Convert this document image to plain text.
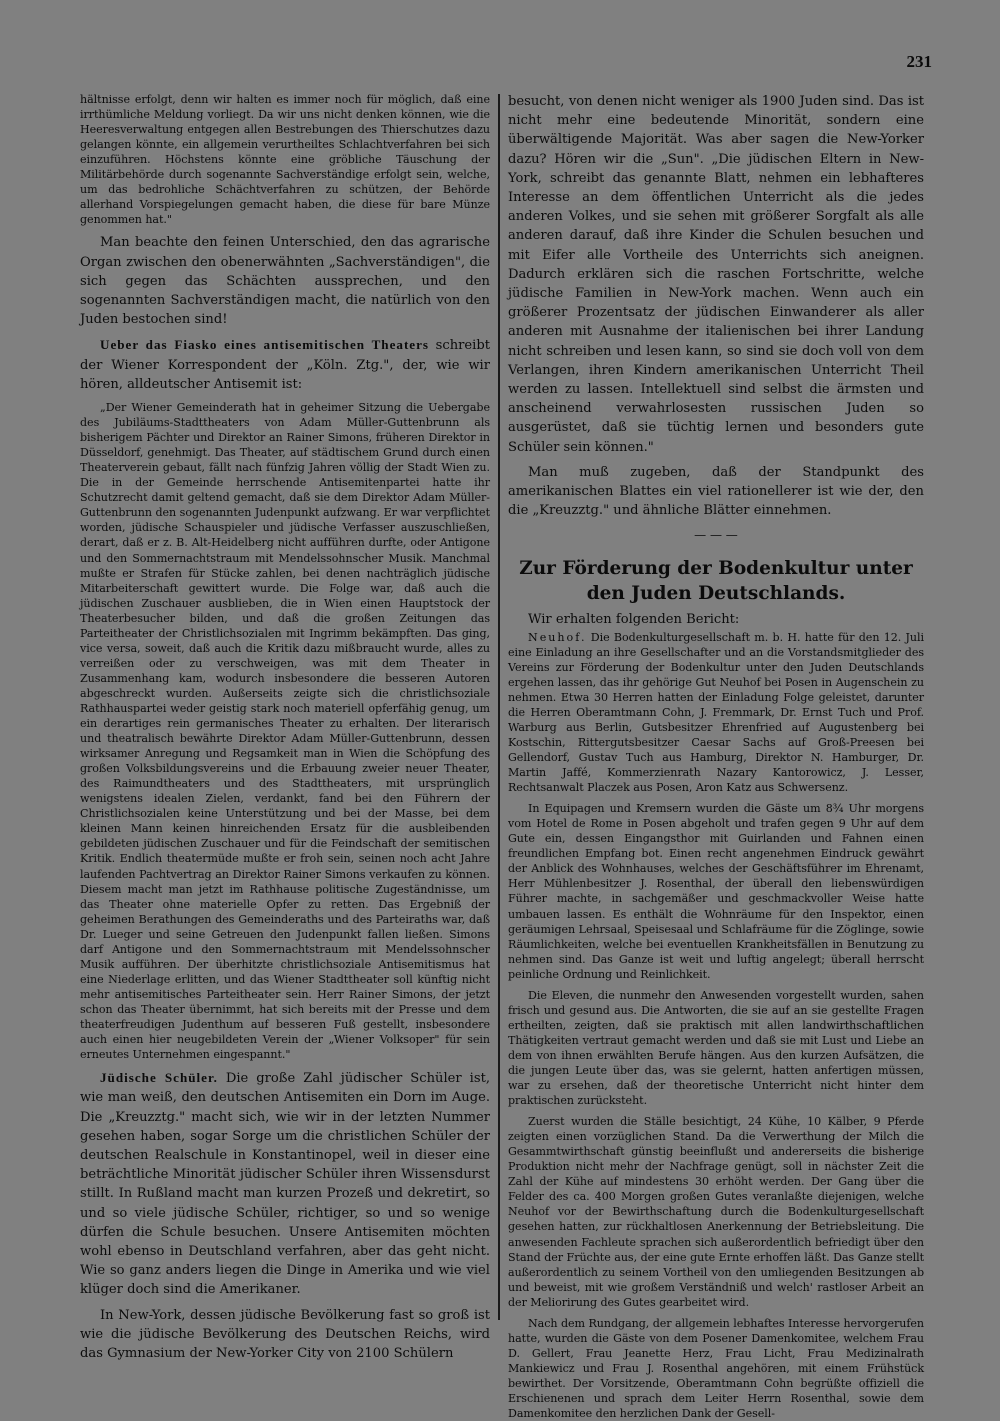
231

hältnisse erfolgt, denn wir halten es immer noch für möglich, daß eine irrthümliche Meldung vorliegt. Da wir uns nicht denken können, wie die Heeresverwaltung entgegen allen Bestrebungen des Thierschutzes dazu gelangen könnte, ein allgemein verurtheiltes Schlachtverfahren bei sich einzuführen. Höchstens könnte eine gröbliche Täuschung der Militärbehörde durch sogenannte Sachverständige erfolgt sein, welche, um das bedrohliche Schächtverfahren zu schützen, der Behörde allerhand Vorspiegelungen gemacht haben, die diese für bare Münze genommen hat."

Man beachte den feinen Unterschied, den das agrarische Organ zwischen den obenerwähnten „Sachverständigen", die sich gegen das Schächten aussprechen, und den sogenannten Sachverständigen macht, die natürlich von den Juden bestochen sind!

Ueber das Fiasko eines antisemitischen Theaters schreibt der Wiener Korrespondent der „Köln. Ztg.", der, wie wir hören, alldeutscher Antisemit ist:

„Der Wiener Gemeinderath hat in geheimer Sitzung die Uebergabe des Jubiläums-Stadttheaters von Adam Müller-Guttenbrunn als bisherigem Pächter und Direktor an Rainer Simons, früheren Direktor in Düsseldorf, genehmigt. Das Theater, auf städtischem Grund durch einen Theaterverein gebaut, fällt nach fünfzig Jahren völlig der Stadt Wien zu. Die in der Gemeinde herrschende Antisemitenpartei hatte ihr Schutzrecht damit geltend gemacht, daß sie dem Direktor Adam Müller-Guttenbrunn den sogenannten Judenpunkt aufzwang. Er war verpflichtet worden, jüdische Schauspieler und jüdische Verfasser auszuschließen, derart, daß er z. B. Alt-Heidelberg nicht aufführen durfte, oder Antigone und den Sommernachtstraum mit Mendelssohnscher Musik. Manchmal mußte er Strafen für Stücke zahlen, bei denen nachträglich jüdische Mitarbeiterschaft gewittert wurde. Die Folge war, daß auch die jüdischen Zuschauer ausblieben, die in Wien einen Hauptstock der Theaterbesucher bilden, und daß die großen Zeitungen das Parteitheater der Christlichsozialen mit Ingrimm bekämpften. Das ging, vice versa, soweit, daß auch die Kritik dazu mißbraucht wurde, alles zu verreißen oder zu verschweigen, was mit dem Theater in Zusammenhang kam, wodurch insbesondere die besseren Autoren abgeschreckt wurden. Außerseits zeigte sich die christlichsoziale Rathhauspartei weder geistig stark noch materiell opferfähig genug, um ein derartiges rein germanisches Theater zu erhalten. Der literarisch und theatralisch bewährte Direktor Adam Müller-Guttenbrunn, dessen wirksamer Anregung und Regsamkeit man in Wien die Schöpfung des großen Volksbildungsvereins und die Erbauung zweier neuer Theater, des Raimundtheaters und des Stadttheaters, mit ursprünglich wenigstens idealen Zielen, verdankt, fand bei den Führern der Christlichsozialen keine Unterstützung und bei der Masse, bei dem kleinen Mann keinen hinreichenden Ersatz für die ausbleibenden gebildeten jüdischen Zuschauer und für die Feindschaft der semitischen Kritik. Endlich theatermüde mußte er froh sein, seinen noch acht Jahre laufenden Pachtvertrag an Direktor Rainer Simons verkaufen zu können. Diesem macht man jetzt im Rathhause politische Zugeständnisse, um das Theater ohne materielle Opfer zu retten. Das Ergebniß der geheimen Berathungen des Gemeinderaths und des Parteiraths war, daß Dr. Lueger und seine Getreuen den Judenpunkt fallen ließen. Simons darf Antigone und den Sommernachtstraum mit Mendelssohnscher Musik aufführen. Der überhitzte christlichsoziale Antisemitismus hat eine Niederlage erlitten, und das Wiener Stadttheater soll künftig nicht mehr antisemitisches Parteitheater sein. Herr Rainer Simons, der jetzt schon das Theater übernimmt, hat sich bereits mit der Presse und dem theaterfreudigen Judenthum auf besseren Fuß gestellt, insbesondere auch einen hier neugebildeten Verein der „Wiener Volksoper" für sein erneutes Unternehmen eingespannt."

Jüdische Schüler. Die große Zahl jüdischer Schüler ist, wie man weiß, den deutschen Antisemiten ein Dorn im Auge. Die „Kreuzztg." macht sich, wie wir in der letzten Nummer gesehen haben, sogar Sorge um die christlichen Schüler der deutschen Realschule in Konstantinopel, weil in dieser eine beträchtliche Minorität jüdischer Schüler ihren Wissensdurst stillt. In Rußland macht man kurzen Prozeß und dekretirt, so und so viele jüdische Schüler, richtiger, so und so wenige dürfen die Schule besuchen. Unsere Antisemiten möchten wohl ebenso in Deutschland verfahren, aber das geht nicht. Wie so ganz anders liegen die Dinge in Amerika und wie viel klüger doch sind die Amerikaner.

In New-York, dessen jüdische Bevölkerung fast so groß ist wie die jüdische Bevölkerung des Deutschen Reichs, wird das Gymnasium der New-Yorker City von 2100 Schülern

besucht, von denen nicht weniger als 1900 Juden sind. Das ist nicht mehr eine bedeutende Minorität, sondern eine überwältigende Majorität. Was aber sagen die New-Yorker dazu? Hören wir die „Sun". „Die jüdischen Eltern in New-York, schreibt das genannte Blatt, nehmen ein lebhafteres Interesse an dem öffentlichen Unterricht als die jedes anderen Volkes, und sie sehen mit größerer Sorgfalt als alle anderen darauf, daß ihre Kinder die Schulen besuchen und mit Eifer alle Vortheile des Unterrichts sich aneignen. Dadurch erklären sich die raschen Fortschritte, welche jüdische Familien in New-York machen. Wenn auch ein größerer Prozentsatz der jüdischen Einwanderer als aller anderen mit Ausnahme der italienischen bei ihrer Landung nicht schreiben und lesen kann, so sind sie doch voll von dem Verlangen, ihren Kindern amerikanischen Unterricht Theil werden zu lassen. Intellektuell sind selbst die ärmsten und anscheinend verwahrlosesten russischen Juden so ausgerüstet, daß sie tüchtig lernen und besonders gute Schüler sein können."

Man muß zugeben, daß der Standpunkt des amerikanischen Blattes ein viel rationellerer ist wie der, den die „Kreuzztg." und ähnliche Blätter einnehmen.

— — —
Zur Förderung der Bodenkultur unter den Juden Deutschlands.

Wir erhalten folgenden Bericht:

Neuhof. Die Bodenkulturgesellschaft m. b. H. hatte für den 12. Juli eine Einladung an ihre Gesellschafter und an die Vorstandsmitglieder des Vereins zur Förderung der Bodenkultur unter den Juden Deutschlands ergehen lassen, das ihr gehörige Gut Neuhof bei Posen in Augenschein zu nehmen. Etwa 30 Herren hatten der Einladung Folge geleistet, darunter die Herren Oberamtmann Cohn, J. Fremmark, Dr. Ernst Tuch und Prof. Warburg aus Berlin, Gutsbesitzer Ehrenfried auf Augustenberg bei Kostschin, Rittergutsbesitzer Caesar Sachs auf Groß-Preesen bei Gellendorf, Gustav Tuch aus Hamburg, Direktor N. Hamburger, Dr. Martin Jaffé, Kommerzienrath Nazary Kantorowicz, J. Lesser, Rechtsanwalt Placzek aus Posen, Aron Katz aus Schwersenz.

In Equipagen und Kremsern wurden die Gäste um 8¾ Uhr morgens vom Hotel de Rome in Posen abgeholt und trafen gegen 9 Uhr auf dem Gute ein, dessen Eingangsthor mit Guirlanden und Fahnen einen freundlichen Empfang bot. Einen recht angenehmen Eindruck gewährt der Anblick des Wohnhauses, welches der Geschäftsführer im Ehrenamt, Herr Mühlenbesitzer J. Rosenthal, der überall den liebenswürdigen Führer machte, in sachgemäßer und geschmackvoller Weise hatte umbauen lassen. Es enthält die Wohnräume für den Inspektor, einen geräumigen Lehrsaal, Speisesaal und Schlafräume für die Zöglinge, sowie Räumlichkeiten, welche bei eventuellen Krankheitsfällen in Benutzung zu nehmen sind. Das Ganze ist weit und luftig angelegt; überall herrscht peinliche Ordnung und Reinlichkeit.

Die Eleven, die nunmehr den Anwesenden vorgestellt wurden, sahen frisch und gesund aus. Die Antworten, die sie auf an sie gestellte Fragen ertheilten, zeigten, daß sie praktisch mit allen landwirthschaftlichen Thätigkeiten vertraut gemacht werden und daß sie mit Lust und Liebe an dem von ihnen erwählten Berufe hängen. Aus den kurzen Aufsätzen, die die jungen Leute über das, was sie gelernt, hatten anfertigen müssen, war zu ersehen, daß der theoretische Unterricht nicht hinter dem praktischen zurücksteht.

Zuerst wurden die Ställe besichtigt, 24 Kühe, 10 Kälber, 9 Pferde zeigten einen vorzüglichen Stand. Da die Verwerthung der Milch die Gesammtwirthschaft günstig beeinflußt und andererseits die bisherige Produktion nicht mehr der Nachfrage genügt, soll in nächster Zeit die Zahl der Kühe auf mindestens 30 erhöht werden. Der Gang über die Felder des ca. 400 Morgen großen Gutes veranlaßte diejenigen, welche Neuhof vor der Bewirthschaftung durch die Bodenkulturgesellschaft gesehen hatten, zur rückhaltlosen Anerkennung der Betriebsleitung. Die anwesenden Fachleute sprachen sich außerordentlich befriedigt über den Stand der Früchte aus, der eine gute Ernte erhoffen läßt. Das Ganze stellt außerordentlich zu seinem Vortheil von den umliegenden Besitzungen ab und beweist, mit wie großem Verständniß und welch' rastloser Arbeit an der Meliorirung des Gutes gearbeitet wird.

Nach dem Rundgang, der allgemein lebhaftes Interesse hervorgerufen hatte, wurden die Gäste von dem Posener Damenkomitee, welchem Frau D. Gellert, Frau Jeanette Herz, Frau Licht, Frau Medizinalrath Mankiewicz und Frau J. Rosenthal angehören, mit einem Frühstück bewirthet. Der Vorsitzende, Oberamtmann Cohn begrüßte offiziell die Erschienenen und sprach dem Leiter Herrn Rosenthal, sowie dem Damenkomitee den herzlichen Dank der Gesell-
